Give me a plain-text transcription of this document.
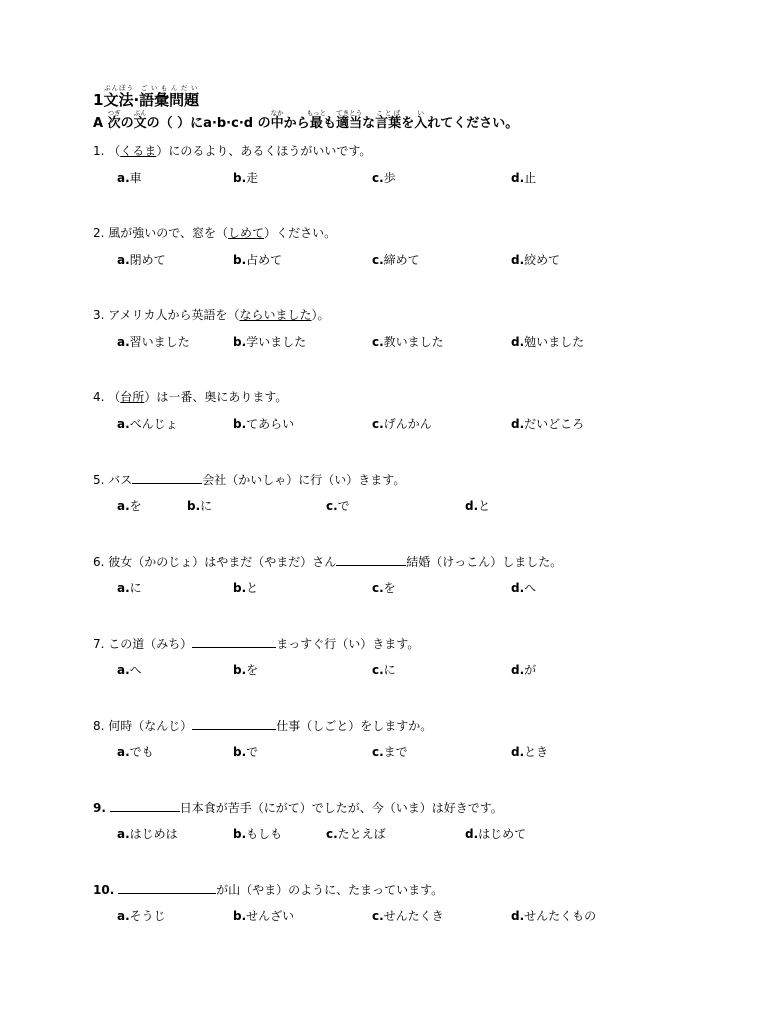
1文法ぶんぽう·語彙問題ごいもんだい
A 次つぎの文ぶんの（ ）にa·b·c·d の中なかから最もっとも適当てきとうな言葉ことばを入いれてください。
1. （くるま）にのるより、あるくほうがいいです。
a.車	b.走	c.歩	d.止
2. 風が強いので、窓を（しめて）ください。
a.閉めて	b.占めて	c.締めて	d.絞めて
3. アメリカ人から英語を（ならいました）。
a.習いました	b.学いました	c.教いました	d.勉いました
4. （台所）は一番、奥にあります。
a.べんじょ	b.てあらい	c.げんかん	d.だいどころ
5. バス	会社（かいしゃ）に行（い）きます。
a.を	b.に	c.で	d.と
6. 彼女（かのじょ）はやまだ（やまだ）さん	結婚（けっこん）しました。
a.に	b.と	c.を	d.へ
7. この道（みち）	まっすぐ行（い）きます。
a.へ	b.を	c.に	d.が
8. 何時（なんじ）	仕事（しごと）をしますか。
a.でも	b.で	c.まで	d.とき
9.	日本食が苦手（にがて）でしたが、今（いま）は好きです。
a.はじめは	b.もしも	c.たとえば	d.はじめて
10.	が山（やま）のように、たまっています。
a.そうじ	b.せんざい	c.せんたくき	d.せんたくもの
